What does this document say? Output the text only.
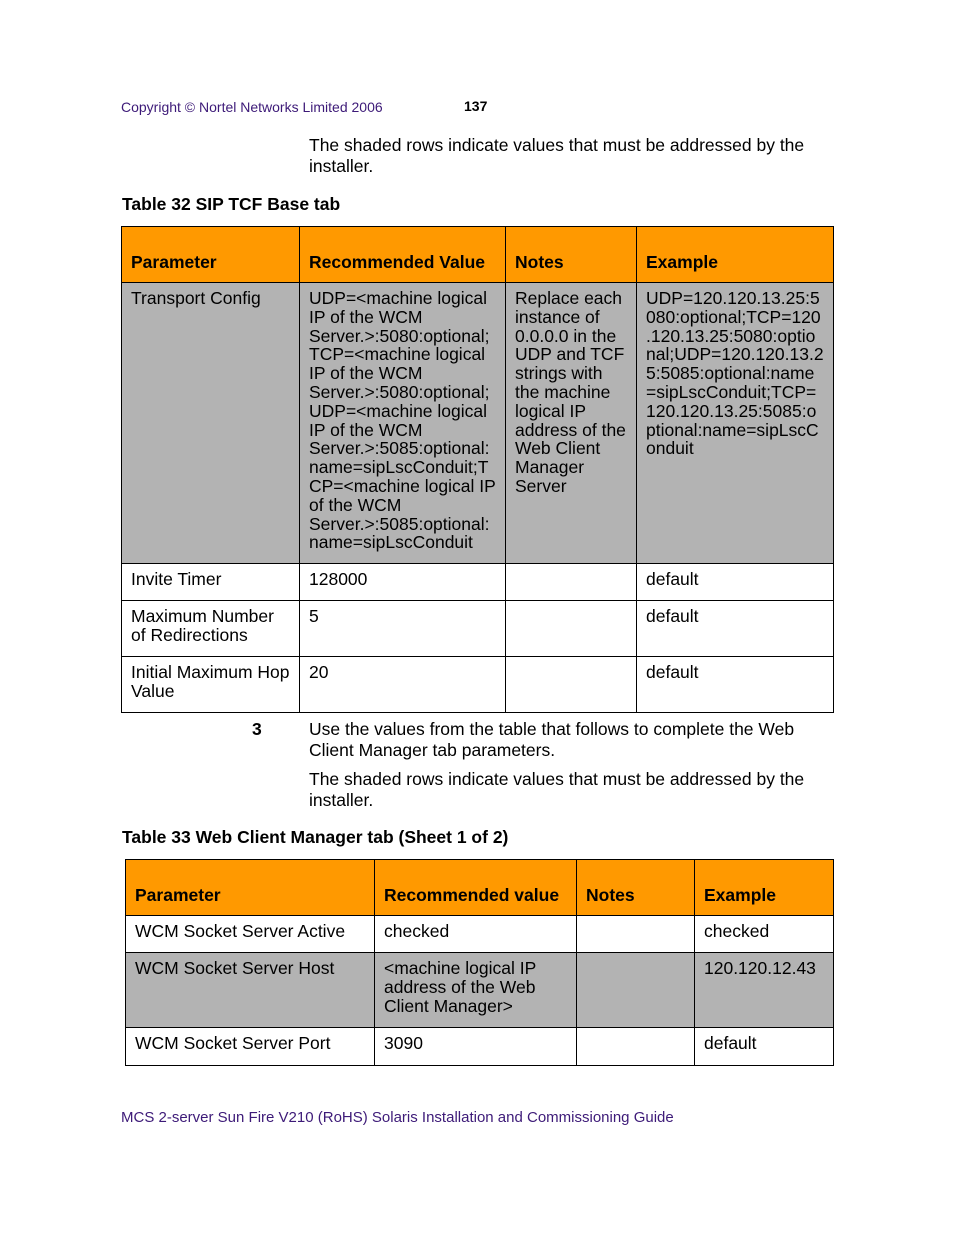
Copyright © Nortel Networks Limited 2006	137
The shaded rows indicate values that must be addressed by the installer.
Table 32 SIP TCF Base tab
Parameter	Recommended Value	Notes	Example
Transport Config	UDP=<machine logical IP of the WCM Server.>:5080:optional;TCP=<machine logical IP of the WCM Server.>:5080:optional;UDP=<machine logical IP of the WCM Server.>:5085:optional:name=sipLscConduit;TCP=<machine logical IP of the WCM Server.>:5085:optional:name=sipLscConduit	Replace each instance of 0.0.0.0 in the UDP and TCF strings with the machine logical IP address of the Web Client Manager Server	UDP=120.120.13.25:5080:optional;TCP=120.120.13.25:5080:optional;UDP=120.120.13.25:5085:optional:name=sipLscConduit;TCP=120.120.13.25:5085:optional:name=sipLscConduit
Invite Timer	128000		default
Maximum Number of Redirections	5		default
Initial Maximum Hop Value	20		default
3	Use the values from the table that follows to complete the Web Client Manager tab parameters.
The shaded rows indicate values that must be addressed by the installer.
Table 33 Web Client Manager tab (Sheet 1 of 2)
Parameter	Recommended value	Notes	Example
WCM Socket Server Active	checked		checked
WCM Socket Server Host	<machine logical IP address of the Web Client Manager>		120.120.12.43
WCM Socket Server Port	3090		default
MCS 2-server Sun Fire V210 (RoHS) Solaris Installation and Commissioning Guide
